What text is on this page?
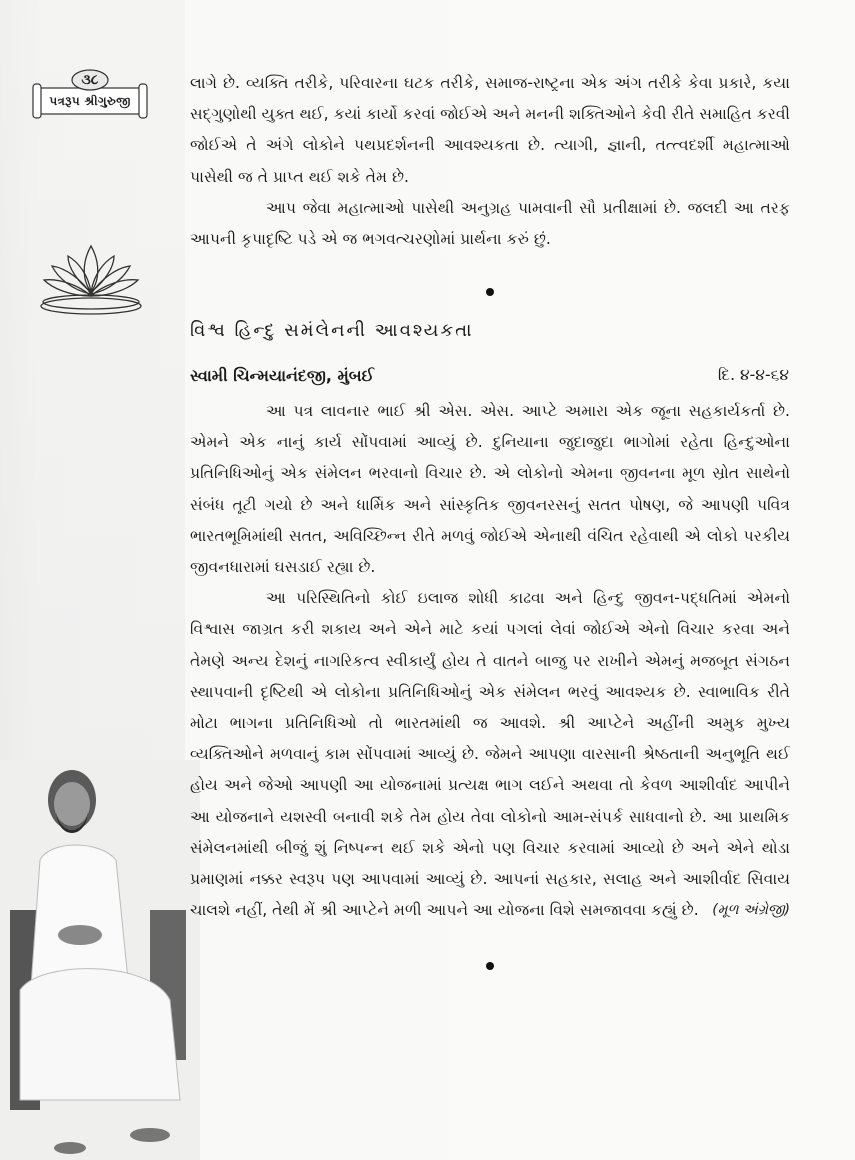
૩૮
પત્રરૂપ શ્રીગુરુજી

લાગે છે. વ્યક્તિ તરીકે, પરિવારના ઘટક તરીકે, સમાજ-રાષ્ટ્રના એક અંગ તરીકે કેવા પ્રકારે, કયા સદ્‌ગુણોથી યુક્ત થઈ, કયાં કાર્યો કરવાં જોઈએ અને મનની શક્તિઓને કેવી રીતે સમાહિત કરવી જોઈએ તે અંગે લોકોને પથપ્રદર્શનની આવશ્યકતા છે. ત્યાગી, જ્ઞાની, તત્ત્વદર્શી મહાત્માઓ પાસેથી જ તે પ્રાપ્ત થઈ શકે તેમ છે.

આપ જેવા મહાત્માઓ પાસેથી અનુગ્રહ પામવાની સૌ પ્રતીક્ષામાં છે. જલદી આ તરફ આપની કૃપાદૃષ્ટિ પડે એ જ ભગવત્ચરણોમાં પ્રાર્થના કરું છું.

વિશ્વ હિન્દુ સમંલેનની આવશ્યકતા
સ્વામી ચિન્મયાનંદજી, મુંબઈ	દિ. ૪-૪-૬૪

આ પત્ર લાવનાર ભાઈ શ્રી એસ. એસ. આપ્ટે અમારા એક જૂના સહકાર્યકર્તા છે. એમને એક નાનું કાર્ય સોંપવામાં આવ્યું છે. દુનિયાના જુદાજુદા ભાગોમાં રહેતા હિન્દુઓના પ્રતિનિધિઓનું એક સંમેલન ભરવાનો વિચાર છે. એ લોકોનો એમના જીવનના મૂળ સ્રોત સાથેનો સંબંધ તૂટી ગયો છે અને ધાર્મિક અને સાંસ્કૃતિક જીવનરસનું સતત પોષણ, જે આપણી પવિત્ર ભારતભૂમિમાંથી સતત, અવિચ્છિન્ન રીતે મળવું જોઈએ એનાથી વંચિત રહેવાથી એ લોકો પરકીય જીવનધારામાં ઘસડાઈ રહ્યા છે.

આ પરિસ્થિતિનો કોઈ ઇલાજ શોધી કાઢવા અને હિન્દુ જીવન-પદ્ધતિમાં એમનો વિશ્વાસ જાગ્રત કરી શકાય અને એને માટે કયાં પગલાં લેવાં જોઈએ એનો વિચાર કરવા અને તેમણે અન્ય દેશનું નાગરિકત્વ સ્વીકાર્યું હોય તે વાતને બાજુ પર રાખીને એમનું મજબૂત સંગઠન સ્થાપવાની દૃષ્ટિથી એ લોકોના પ્રતિનિધિઓનું એક સંમેલન ભરવું આવશ્યક છે. સ્વાભાવિક રીતે મોટા ભાગના પ્રતિનિધિઓ તો ભારતમાંથી જ આવશે. શ્રી આપ્ટેને અહીંની અમુક મુખ્ય વ્યક્તિઓને મળવાનું કામ સોંપવામાં આવ્યું છે. જેમને આપણા વારસાની શ્રેષ્ઠતાની અનુભૂતિ થઈ હોય અને જેઓ આપણી આ યોજનામાં પ્રત્યક્ષ ભાગ લઈને અથવા તો કેવળ આશીર્વાદ આપીને આ યોજનાને યશસ્વી બનાવી શકે તેમ હોય તેવા લોકોનો આમ-સંપર્ક સાધવાનો છે. આ પ્રાથમિક સંમેલનમાંથી બીજું શું નિષ્પન્ન થઈ શકે એનો પણ વિચાર કરવામાં આવ્યો છે અને એને થોડા પ્રમાણમાં નક્કર સ્વરૂપ પણ આપવામાં આવ્યું છે. આપનાં સહકાર, સલાહ અને આશીર્વાદ સિવાય ચાલશે નહીં, તેથી મેં શ્રી આપ્ટેને મળી આપને આ યોજના વિશે સમજાવવા કહ્યું છે. (મૂળ અંગ્રેજી)
